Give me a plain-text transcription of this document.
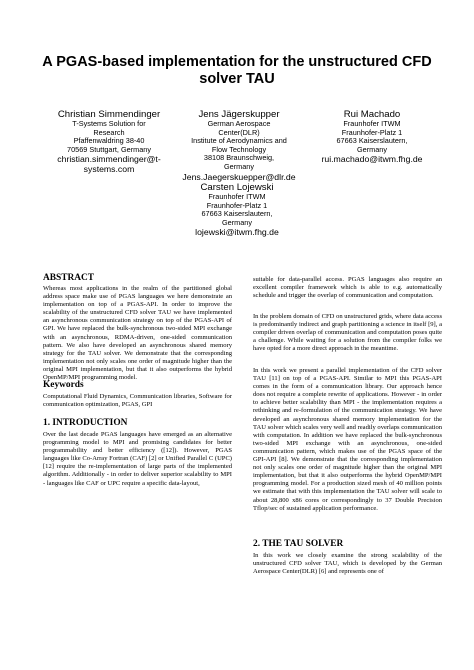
A PGAS-based implementation for the unstructured CFD
solver TAU
Christian Simmendinger
T-Systems Solution for
Research
Pfaffenwaldring 38-40
70569 Stuttgart, Germany
christian.simmendinger@t-
systems.com
Jens Jägerskupper
German Aerospace
Center(DLR)
Institute of Aerodynamics and
Flow Technology
38108 Braunschweig,
Germany
Jens.Jaegerskuepper@dlr.de
Rui Machado
Fraunhofer ITWM
Fraunhofer-Platz 1
67663 Kaiserslautern,
Germany
rui.machado@itwm.fhg.de
Carsten Lojewski
Fraunhofer ITWM
Fraunhofer-Platz 1
67663 Kaiserslautern,
Germany
lojewski@itwm.fhg.de
ABSTRACT

Whereas most applications in the realm of the partitioned global address space make use of PGAS languages we here demonstrate an implementation on top of a PGAS-API. In order to improve the scalability of the unstructured CFD solver TAU we have implemented an asynchronous communication strategy on top of the PGAS-API of GPI. We have replaced the bulk-synchronous two-sided MPI exchange with an asynchronous, RDMA-driven, one-sided communication pattern. We also have developed an asynchronous shared memory strategy for the TAU solver. We demonstrate that the corresponding implementation not only scales one order of magnitude higher than the original MPI implementation, but that it also outperforms the hybrid OpenMP/MPI programming model.

Keywords

Computational Fluid Dynamics, Communication libraries, Software for communication optimization, PGAS, GPI

1. INTRODUCTION

Over the last decade PGAS languages have emerged as an alternative programming model to MPI and promising candidates for better programmability and better efficiency ([12]). However, PGAS languages like Co-Array Fortran (CAF) [2] or Unified Parallel C (UPC) [12] require the re-implementation of large parts of the implemented algorithm. Additionally - in order to deliver superior scalability to MPI - languages like CAF or UPC require a specific data-layout,

suitable for data-parallel access. PGAS languages also require an excellent compiler framework which is able to e.g. automatically schedule and trigger the overlap of communication and computation.

In the problem domain of CFD on unstructured grids, where data access is predominantly indirect and graph partitioning a science in itself [9], a compiler driven overlap of communication and computation poses quite a challenge. While waiting for a solution from the compiler folks we have opted for a more direct approach in the meantime.

In this work we present a parallel implementation of the CFD solver TAU [11] on top of a PGAS-API. Similar to MPI this PGAS-API comes in the form of a communication library. Our approach hence does not require a complete rewrite of applications. However - in order to achieve better scalability than MPI - the implementation requires a rethinking and re-formulation of the communication strategy. We have developed an asynchronous shared memory implementation for the TAU solver which scales very well and readily overlaps communication with computation. In addition we have replaced the bulk-synchronous two-sided MPI exchange with an asynchronous, one-sided communication pattern, which makes use of the PGAS space of the GPI-API [8]. We demonstrate that the corresponding implementation not only scales one order of magnitude higher than the original MPI implementation, but that it also outperforms the hybrid OpenMP/MPI programming model. For a production sized mesh of 40 million points we estimate that with this implementation the TAU solver will scale to about 28,800 x86 cores or correspondingly to 37 Double Precision Tflop/sec of sustained application performance.

2. THE TAU SOLVER

In this work we closely examine the strong scalability of the unstructured CFD solver TAU, which is developed by the German Aerospace Center(DLR) [6] and represents one of
